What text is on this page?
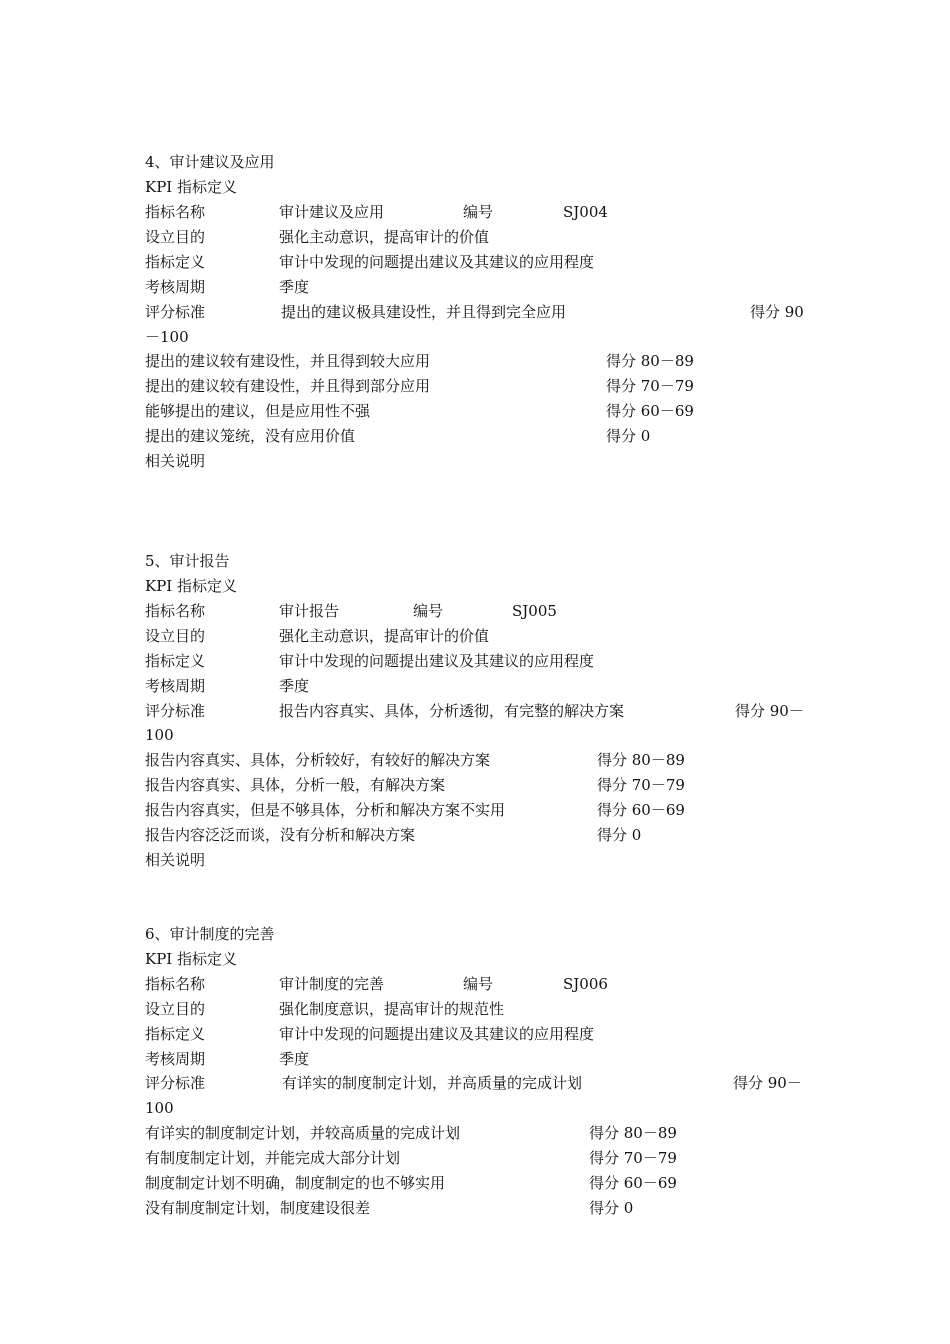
4、审计建议及应用
KPI 指标定义
指标名称	审计建议及应用	编号	SJ004
设立目的	强化主动意识，提高审计的价值
指标定义	审计中发现的问题提出建议及其建议的应用程度
考核周期	季度
评分标准	提出的建议极具建设性，并且得到完全应用	得分 90
－100
提出的建议较有建设性，并且得到较大应用	得分 80－89
提出的建议较有建设性，并且得到部分应用	得分 70－79
能够提出的建议，但是应用性不强	得分 60－69
提出的建议笼统，没有应用价值	得分 0
相关说明
5、审计报告
KPI 指标定义
指标名称	审计报告	编号	SJ005
设立目的	强化主动意识，提高审计的价值
指标定义	审计中发现的问题提出建议及其建议的应用程度
考核周期	季度
评分标准	报告内容真实、具体，分析透彻，有完整的解决方案	得分 90－
100
报告内容真实、具体，分析较好，有较好的解决方案	得分 80－89
报告内容真实、具体，分析一般，有解决方案	得分 70－79
报告内容真实，但是不够具体，分析和解决方案不实用	得分 60－69
报告内容泛泛而谈，没有分析和解决方案	得分 0
相关说明
6、审计制度的完善
KPI 指标定义
指标名称	审计制度的完善	编号	SJ006
设立目的	强化制度意识，提高审计的规范性
指标定义	审计中发现的问题提出建议及其建议的应用程度
考核周期	季度
评分标准	有详实的制度制定计划，并高质量的完成计划	得分 90－
100
有详实的制度制定计划，并较高质量的完成计划	得分 80－89
有制度制定计划，并能完成大部分计划	得分 70－79
制度制定计划不明确，制度制定的也不够实用	得分 60－69
没有制度制定计划，制度建设很差	得分 0
